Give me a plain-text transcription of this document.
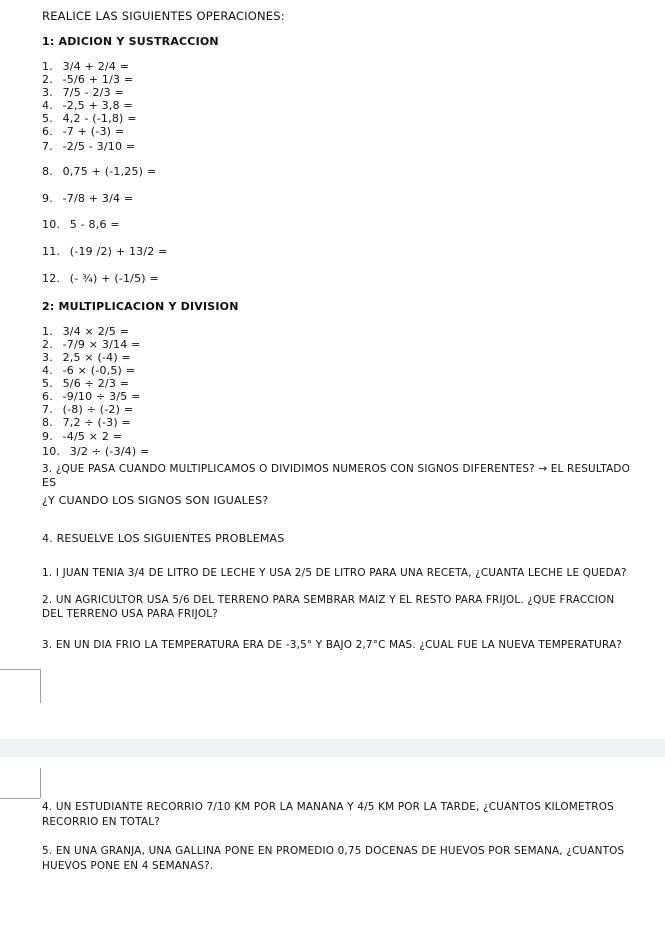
REALICE LAS SIGUIENTES OPERACIONES:
1: ADICION Y SUSTRACCION
1. 3/4 + 2/4 =
2. -5/6 + 1/3 =
3. 7/5 - 2/3 =
4. -2,5 + 3,8 =
5. 4,2 - (-1,8) =
6. -7 + (-3) =
7. -2/5 - 3/10 =
8. 0,75 + (-1,25) =
9. -7/8 + 3/4 =
10. 5 - 8,6 =
11. (-19 /2) + 13/2 =
12. (- ¾) + (-1/5) =
2: MULTIPLICACION Y DIVISION
1. 3/4 × 2/5 =
2. -7/9 × 3/14 =
3. 2,5 × (-4) =
4. -6 × (-0,5) =
5. 5/6 ÷ 2/3 =
6. -9/10 ÷ 3/5 =
7. (-8) ÷ (-2) =
8. 7,2 ÷ (-3) =
9. -4/5 × 2 =
10. 3/2 ÷ (-3/4) =
3. ¿QUE PASA CUANDO MULTIPLICAMOS O DIVIDIMOS NUMEROS CON SIGNOS DIFERENTES? → EL RESULTADO
ES
¿Y CUANDO LOS SIGNOS SON IGUALES?
4. RESUELVE LOS SIGUIENTES PROBLEMAS
1. I JUAN TENIA 3/4 DE LITRO DE LECHE Y USA 2/5 DE LITRO PARA UNA RECETA, ¿CUANTA LECHE LE QUEDA?
2. UN AGRICULTOR USA 5/6 DEL TERRENO PARA SEMBRAR MAIZ Y EL RESTO PARA FRIJOL. ¿QUE FRACCION
DEL TERRENO USA PARA FRIJOL?
3. EN UN DIA FRIO LA TEMPERATURA ERA DE -3,5° Y BAJO 2,7°C MAS. ¿CUAL FUE LA NUEVA TEMPERATURA?
4. UN ESTUDIANTE RECORRIO 7/10 KM POR LA MANANA Y 4/5 KM POR LA TARDE, ¿CUANTOS KILOMETROS
RECORRIO EN TOTAL?
5. EN UNA GRANJA, UNA GALLINA PONE EN PROMEDIO 0,75 DOCENAS DE HUEVOS POR SEMANA, ¿CUANTOS
HUEVOS PONE EN 4 SEMANAS?.
